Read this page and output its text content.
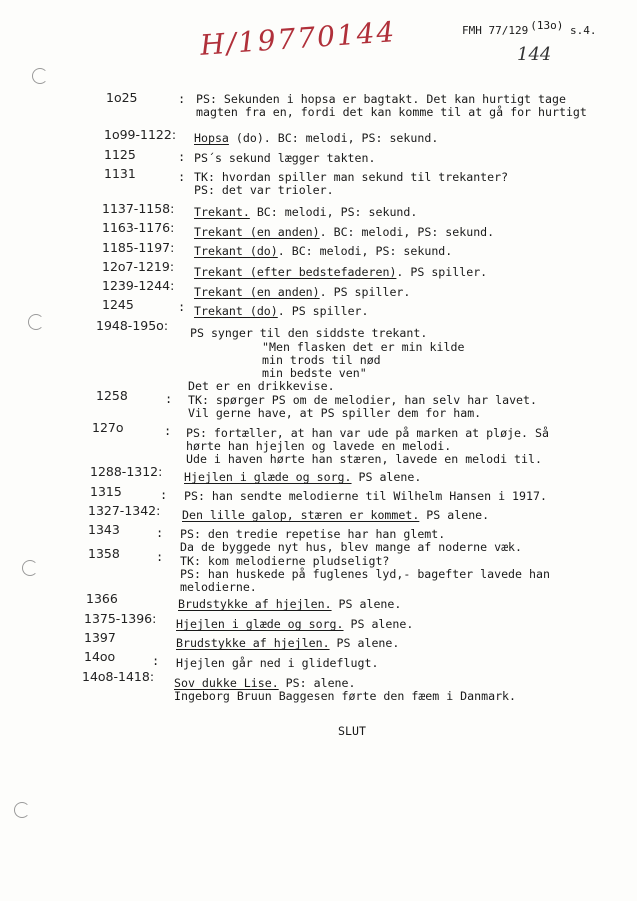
H/19770144	FMH 77/129 (13o) s.4.
144
1o25	: PS: Sekunden i hopsa er bagtakt. Det kan hurtigt tage
magten fra en, fordi det kan komme til at gå for hurtigt
1o99-1122: Hopsa (do). BC: melodi, PS: sekund.
1125	: PS´s sekund lægger takten.
1131	: TK: hvordan spiller man sekund til trekanter?
PS: det var trioler.
1137-1158: Trekant. BC: melodi, PS: sekund.
1163-1176: Trekant (en anden). BC: melodi, PS: sekund.
1185-1197: Trekant (do). BC: melodi, PS: sekund.
12o7-1219: Trekant (efter bedstefaderen). PS spiller.
1239-1244: Trekant (en anden). PS spiller.
1245	: Trekant (do). PS spiller.
1948-195o: PS synger til den siddste trekant.
"Men flasken det er min kilde
min trods til nød
min bedste ven"
Det er en drikkevise.
1258	: TK: spørger PS om de melodier, han selv har lavet.
Vil gerne have, at PS spiller dem for ham.
127o	: PS: fortæller, at han var ude på marken at pløje. Så
hørte han hjejlen og lavede en melodi.
Ude i haven hørte han stæren, lavede en melodi til.
1288-1312: Hjejlen i glæde og sorg. PS alene.
1315	: PS: han sendte melodierne til Wilhelm Hansen i 1917.
1327-1342: Den lille galop, stæren er kommet. PS alene.
1343	: PS: den tredie repetise har han glemt.
Da de byggede nyt hus, blev mange af noderne væk.
1358	: TK: kom melodierne pludseligt?
PS: han huskede på fuglenes lyd,- bagefter lavede han
melodierne.
1366	Brudstykke af hjejlen. PS alene.
1375-1396: Hjejlen i glæde og sorg. PS alene.
1397	Brudstykke af hjejlen. PS alene.
14oo	: Hjejlen går ned i glideflugt.
14o8-1418: Sov dukke Lise. PS: alene.
Ingeborg Bruun Baggesen førte den fæem i Danmark.
SLUT
